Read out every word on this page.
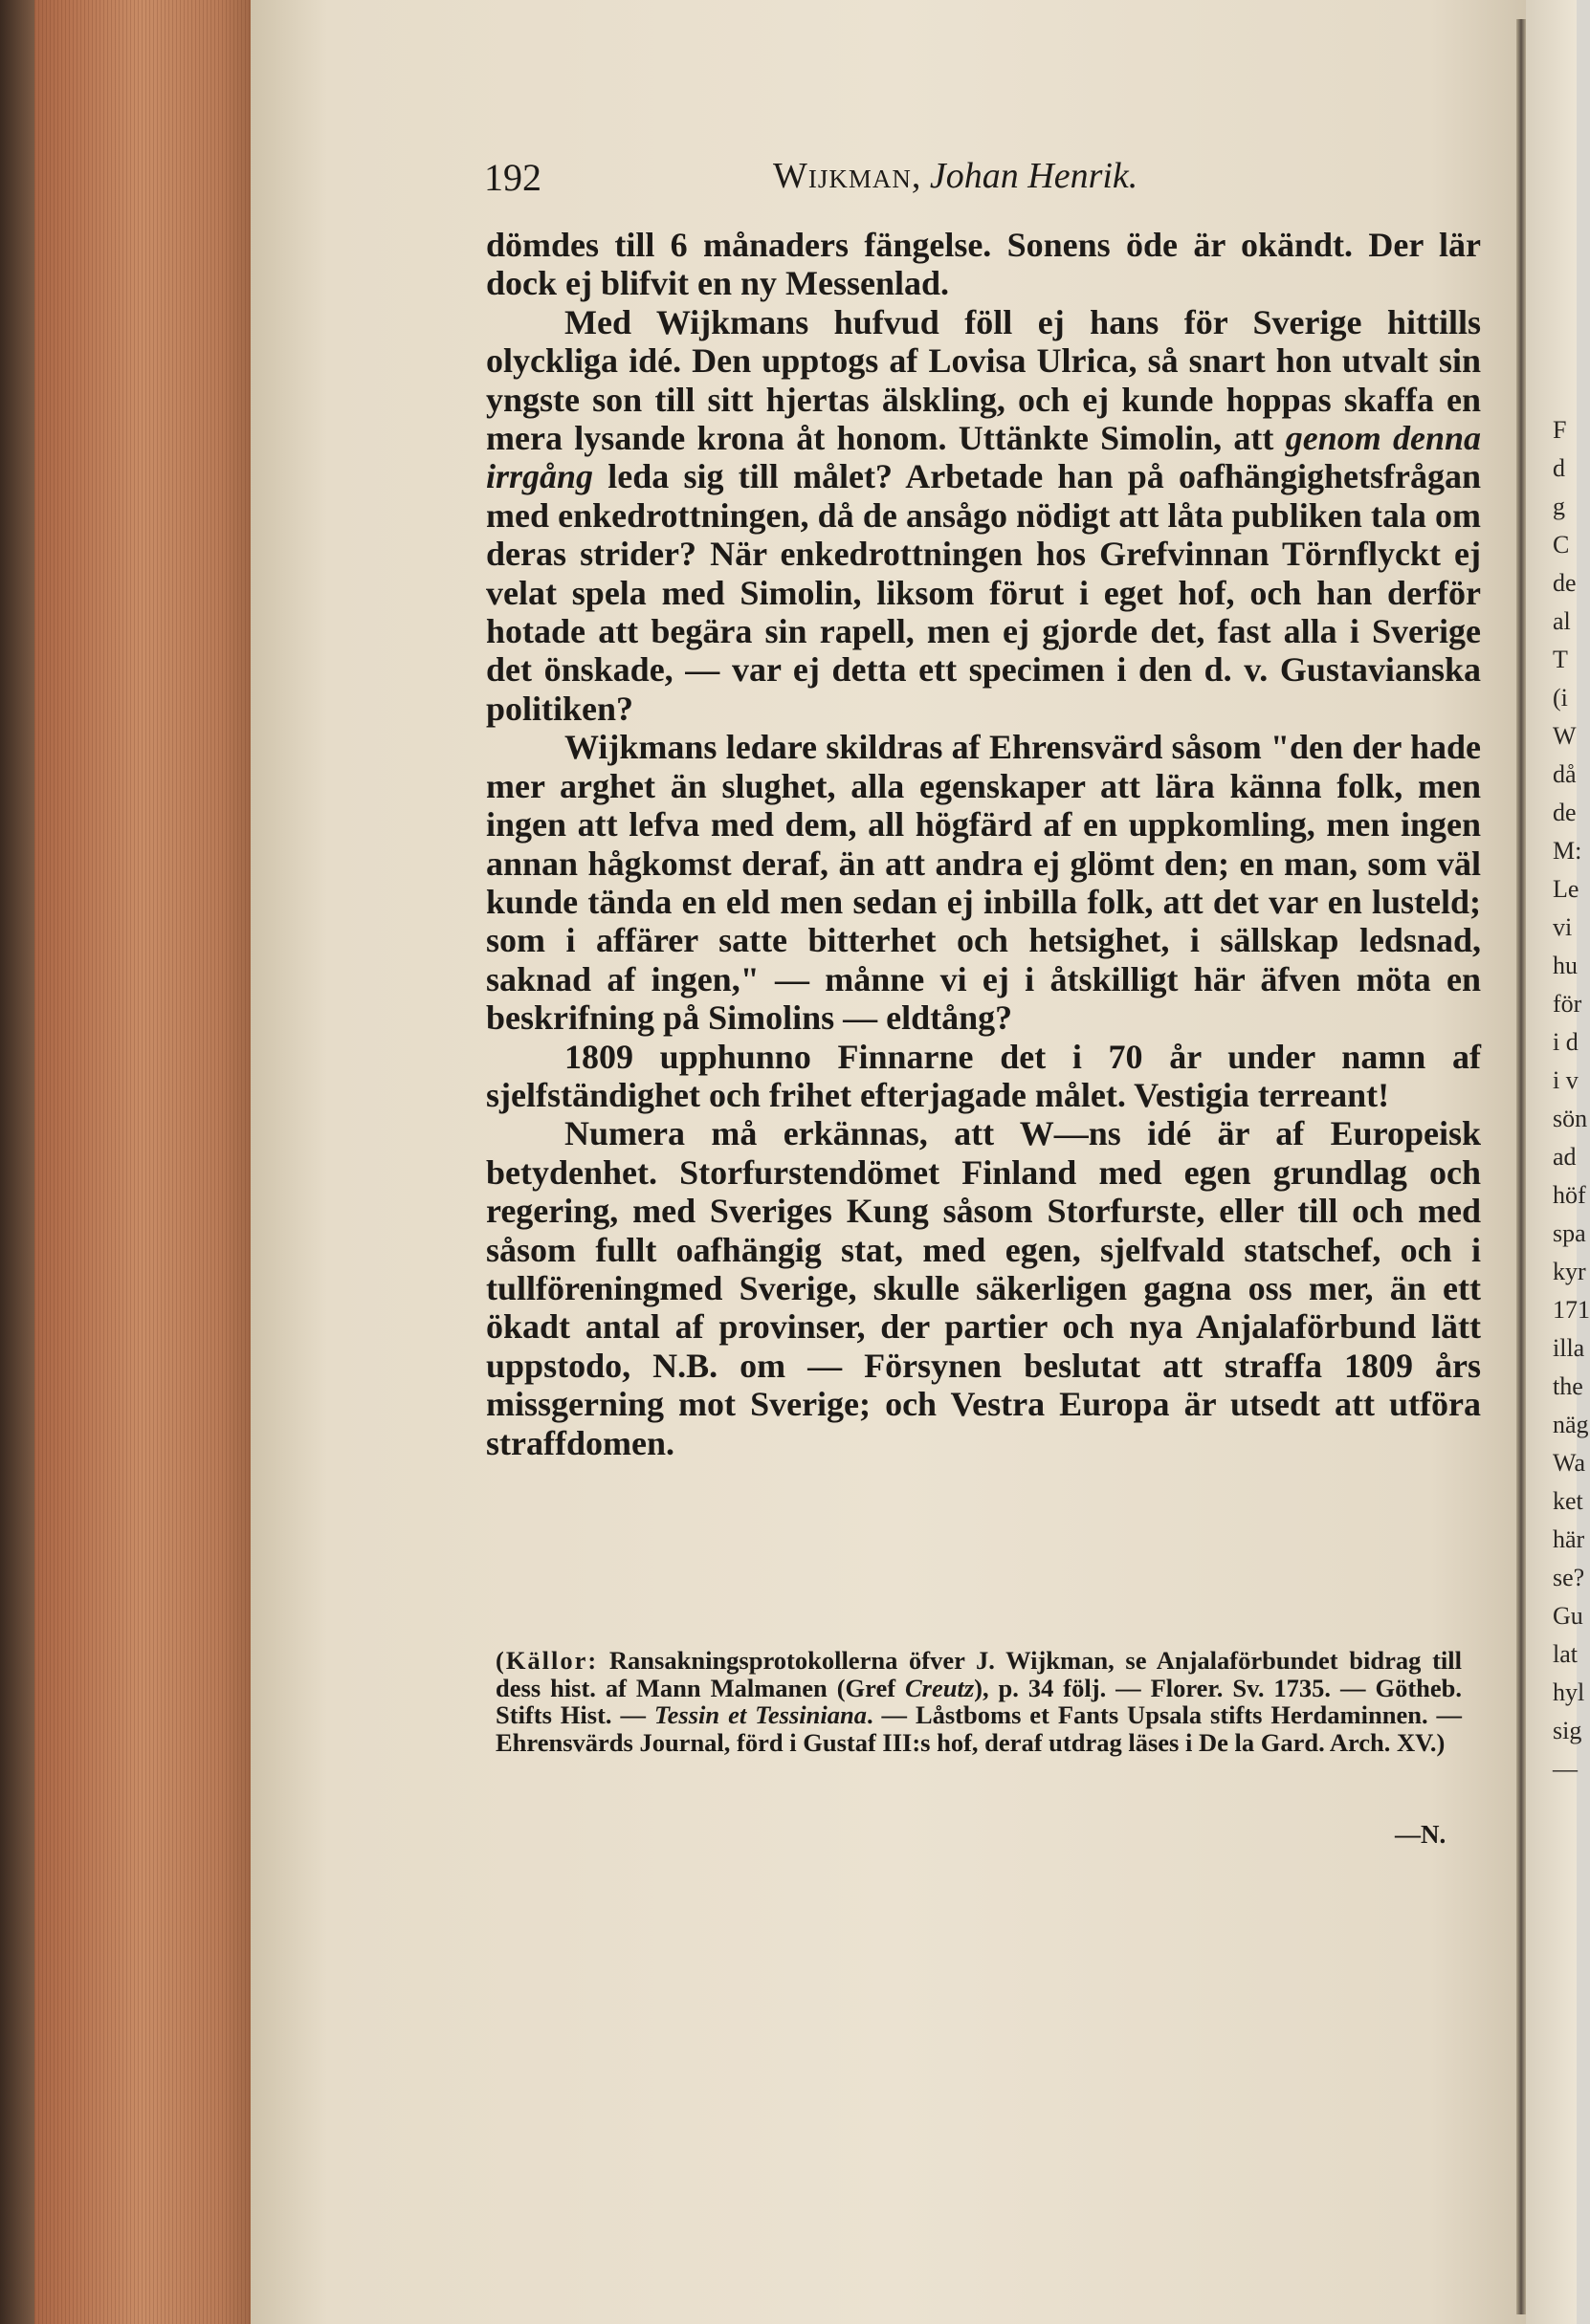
F
d
g
C
de
al
T
(i
W
då
de
M:
Le
vi
hu
för
i d
i v
sön
ad
höf
spa
kyr
171
illa
the
näg
Wa
ket
här
se?
Gu
lat
hyl
sig
—
192	Wijkman, Johan Henrik.

dömdes till 6 månaders fängelse. Sonens öde är okändt. Der lär dock ej blifvit en ny Messenlad.

Med Wijkmans hufvud föll ej hans för Sverige hittills olyckliga idé. Den upptogs af Lovisa Ulrica, så snart hon utvalt sin yngste son till sitt hjertas älskling, och ej kunde hoppas skaffa en mera lysande krona åt honom. Uttänkte Simolin, att genom denna irrgång leda sig till målet? Arbetade han på oafhängighetsfrågan med enkedrottningen, då de ansågo nödigt att låta publiken tala om deras strider? När enkedrottningen hos Grefvinnan Törnflyckt ej velat spela med Simolin, liksom förut i eget hof, och han derför hotade att begära sin rapell, men ej gjorde det, fast alla i Sverige det önskade, — var ej detta ett specimen i den d. v. Gustavianska politiken?

Wijkmans ledare skildras af Ehrensvärd såsom "den der hade mer arghet än slughet, alla egenskaper att lära känna folk, men ingen att lefva med dem, all högfärd af en uppkomling, men ingen annan hågkomst deraf, än att andra ej glömt den; en man, som väl kunde tända en eld men sedan ej inbilla folk, att det var en lusteld; som i affärer satte bitterhet och hetsighet, i sällskap ledsnad, saknad af ingen," — månne vi ej i åtskilligt här äfven möta en beskrifning på Simolins — eldtång?

1809 upphunno Finnarne det i 70 år under namn af sjelfständighet och frihet efterjagade målet. Vestigia terreant!

Numera må erkännas, att W—ns idé är af Europeisk betydenhet. Storfurstendömet Finland med egen grundlag och regering, med Sveriges Kung såsom Storfurste, eller till och med såsom fullt oafhängig stat, med egen, sjelfvald statschef, och i tullföreningmed Sverige, skulle säkerligen gagna oss mer, än ett ökadt antal af provinser, der partier och nya Anjalaförbund lätt uppstodo, N.B. om — Försynen beslutat att straffa 1809 års missgerning mot Sverige; och Vestra Europa är utsedt att utföra straffdomen.

(Källor: Ransakningsprotokollerna öfver J. Wijkman, se Anjalaförbundet bidrag till dess hist. af Mann Malmanen (Gref Creutz), p. 34 följ. — Florer. Sv. 1735. — Götheb. Stifts Hist. — Tessin et Tessiniana. — Låstboms et Fants Upsala stifts Herdaminnen. — Ehrensvärds Journal, förd i Gustaf III:s hof, deraf utdrag läses i De la Gard. Arch. XV.)
—N.
